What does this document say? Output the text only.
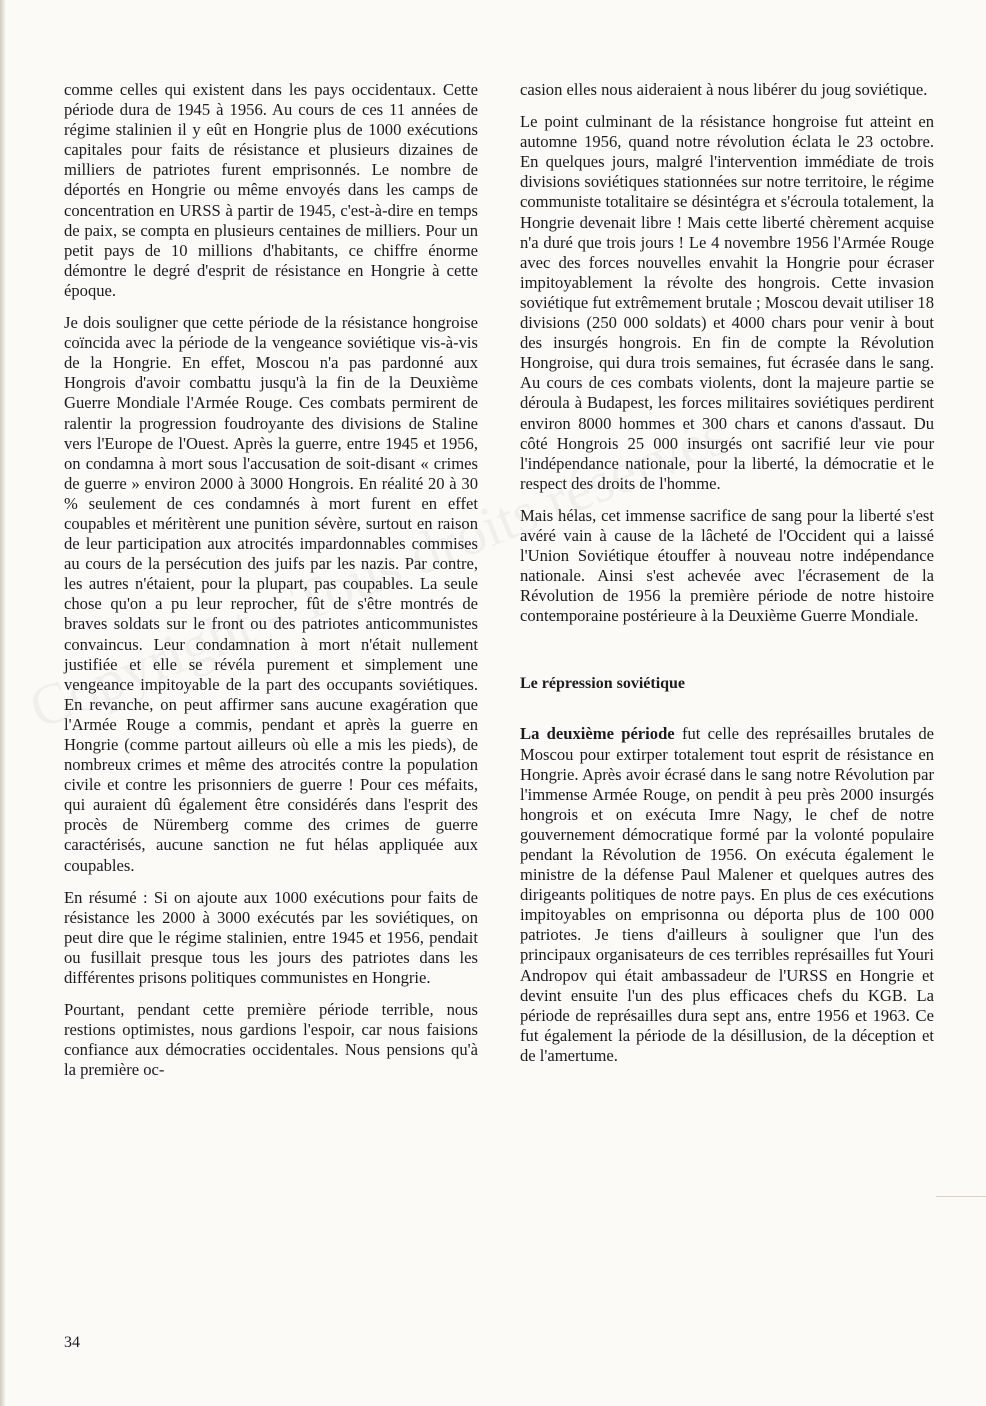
comme celles qui existent dans les pays occidentaux. Cette période dura de 1945 à 1956. Au cours de ces 11 années de régime stalinien il y eût en Hongrie plus de 1000 exécutions capitales pour faits de résistance et plusieurs dizaines de milliers de patriotes furent emprisonnés. Le nombre de déportés en Hongrie ou même envoyés dans les camps de concentration en URSS à partir de 1945, c'est-à-dire en temps de paix, se compta en plusieurs centaines de milliers. Pour un petit pays de 10 millions d'habitants, ce chiffre énorme démontre le degré d'esprit de résistance en Hongrie à cette époque.

Je dois souligner que cette période de la résistance hongroise coïncida avec la période de la vengeance soviétique vis-à-vis de la Hongrie. En effet, Moscou n'a pas pardonné aux Hongrois d'avoir combattu jusqu'à la fin de la Deuxième Guerre Mondiale l'Armée Rouge. Ces combats permirent de ralentir la progression foudroyante des divisions de Staline vers l'Europe de l'Ouest. Après la guerre, entre 1945 et 1956, on condamna à mort sous l'accusation de soit-disant « crimes de guerre » environ 2000 à 3000 Hongrois. En réalité 20 à 30 % seulement de ces condamnés à mort furent en effet coupables et méritèrent une punition sévère, surtout en raison de leur participation aux atrocités impardonnables commises au cours de la persécution des juifs par les nazis. Par contre, les autres n'étaient, pour la plupart, pas coupables. La seule chose qu'on a pu leur reprocher, fût de s'être montrés de braves soldats sur le front ou des patriotes anticommunistes convaincus. Leur condamnation à mort n'était nullement justifiée et elle se révéla purement et simplement une vengeance impitoyable de la part des occupants soviétiques. En revanche, on peut affirmer sans aucune exagération que l'Armée Rouge a commis, pendant et après la guerre en Hongrie (comme partout ailleurs où elle a mis les pieds), de nombreux crimes et même des atrocités contre la population civile et contre les prisonniers de guerre ! Pour ces méfaits, qui auraient dû également être considérés dans l'esprit des procès de Nüremberg comme des crimes de guerre caractérisés, aucune sanction ne fut hélas appliquée aux coupables.

En résumé : Si on ajoute aux 1000 exécutions pour faits de résistance les 2000 à 3000 exécutés par les soviétiques, on peut dire que le régime stalinien, entre 1945 et 1956, pendait ou fusillait presque tous les jours des patriotes dans les différentes prisons politiques communistes en Hongrie.

Pourtant, pendant cette première période terrible, nous restions optimistes, nous gardions l'espoir, car nous faisions confiance aux démocraties occidentales. Nous pensions qu'à la première oc-

casion elles nous aideraient à nous libérer du joug soviétique.

Le point culminant de la résistance hongroise fut atteint en automne 1956, quand notre révolution éclata le 23 octobre. En quelques jours, malgré l'intervention immédiate de trois divisions soviétiques stationnées sur notre territoire, le régime communiste totalitaire se désintégra et s'écroula totalement, la Hongrie devenait libre ! Mais cette liberté chèrement acquise n'a duré que trois jours ! Le 4 novembre 1956 l'Armée Rouge avec des forces nouvelles envahit la Hongrie pour écraser impitoyablement la révolte des hongrois. Cette invasion soviétique fut extrêmement brutale ; Moscou devait utiliser 18 divisions (250 000 soldats) et 4000 chars pour venir à bout des insurgés hongrois. En fin de compte la Révolution Hongroise, qui dura trois semaines, fut écrasée dans le sang. Au cours de ces combats violents, dont la majeure partie se déroula à Budapest, les forces militaires soviétiques perdirent environ 8000 hommes et 300 chars et canons d'assaut. Du côté Hongrois 25 000 insurgés ont sacrifié leur vie pour l'indépendance nationale, pour la liberté, la démocratie et le respect des droits de l'homme.

Mais hélas, cet immense sacrifice de sang pour la liberté s'est avéré vain à cause de la lâcheté de l'Occident qui a laissé l'Union Soviétique étouffer à nouveau notre indépendance nationale. Ainsi s'est achevée avec l'écrasement de la Révolution de 1956 la première période de notre histoire contemporaine postérieure à la Deuxième Guerre Mondiale.

Le répression soviétique

La deuxième période fut celle des représailles brutales de Moscou pour extirper totalement tout esprit de résistance en Hongrie. Après avoir écrasé dans le sang notre Révolution par l'immense Armée Rouge, on pendit à peu près 2000 insurgés hongrois et on exécuta Imre Nagy, le chef de notre gouvernement démocratique formé par la volonté populaire pendant la Révolution de 1956. On exécuta également le ministre de la défense Paul Malener et quelques autres des dirigeants politiques de notre pays. En plus de ces exécutions impitoyables on emprisonna ou déporta plus de 100 000 patriotes. Je tiens d'ailleurs à souligner que l'un des principaux organisateurs de ces terribles représailles fut Youri Andropov qui était ambassadeur de l'URSS en Hongrie et devint ensuite l'un des plus efficaces chefs du KGB. La période de représailles dura sept ans, entre 1956 et 1963. Ce fut également la période de la désillusion, de la déception et de l'amertume.

34
